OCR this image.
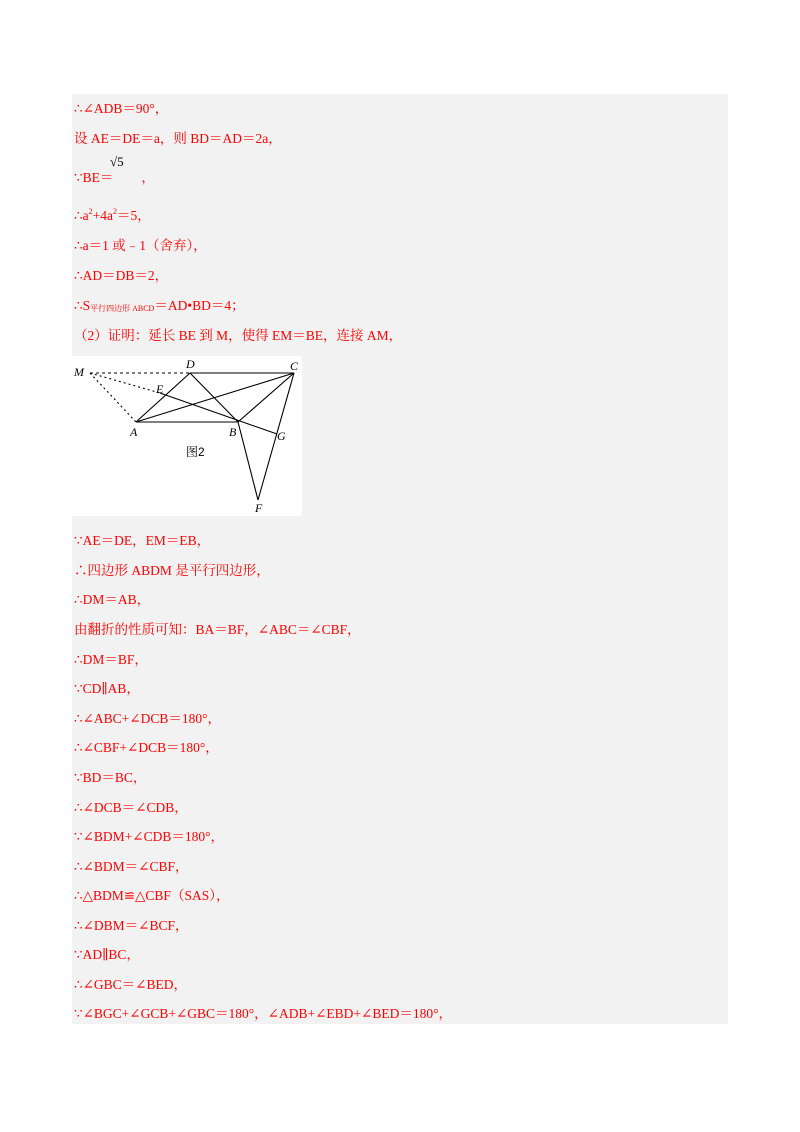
∴∠ADB＝90°，
设 AE＝DE＝a，则 BD＝AD＝2a，
√5
∵BE＝ ，
$\therefore a^2+4a^2=5$，
∴a＝1 或﹣1（舍弃），
∴AD＝DB＝2，
$\therefore S_{平行四边形 ABCD}=AD•BD=4$；
（2）证明：延长 BE 到 M，使得 EM＝BE，连接 AM，
M
D	C
E
A	B	G
F
图2
∵AE＝DE，EM＝EB，
∴四边形 ABDM 是平行四边形，
∴DM＝AB，
由翻折的性质可知：BA＝BF，∠ABC＝∠CBF，
∴DM＝BF，
∵CD∥AB，
∴∠ABC+∠DCB＝180°，
∴∠CBF+∠DCB＝180°，
∵BD＝BC，
∴∠DCB＝∠CDB，
∵∠BDM+∠CDB＝180°，
∴∠BDM＝∠CBF，
∴△BDM≌△CBF（SAS），
∴∠DBM＝∠BCF，
∵AD∥BC，
∴∠GBC＝∠BED，
∵∠BGC+∠GCB+∠GBC＝180°，∠ADB+∠EBD+∠BED＝180°，
